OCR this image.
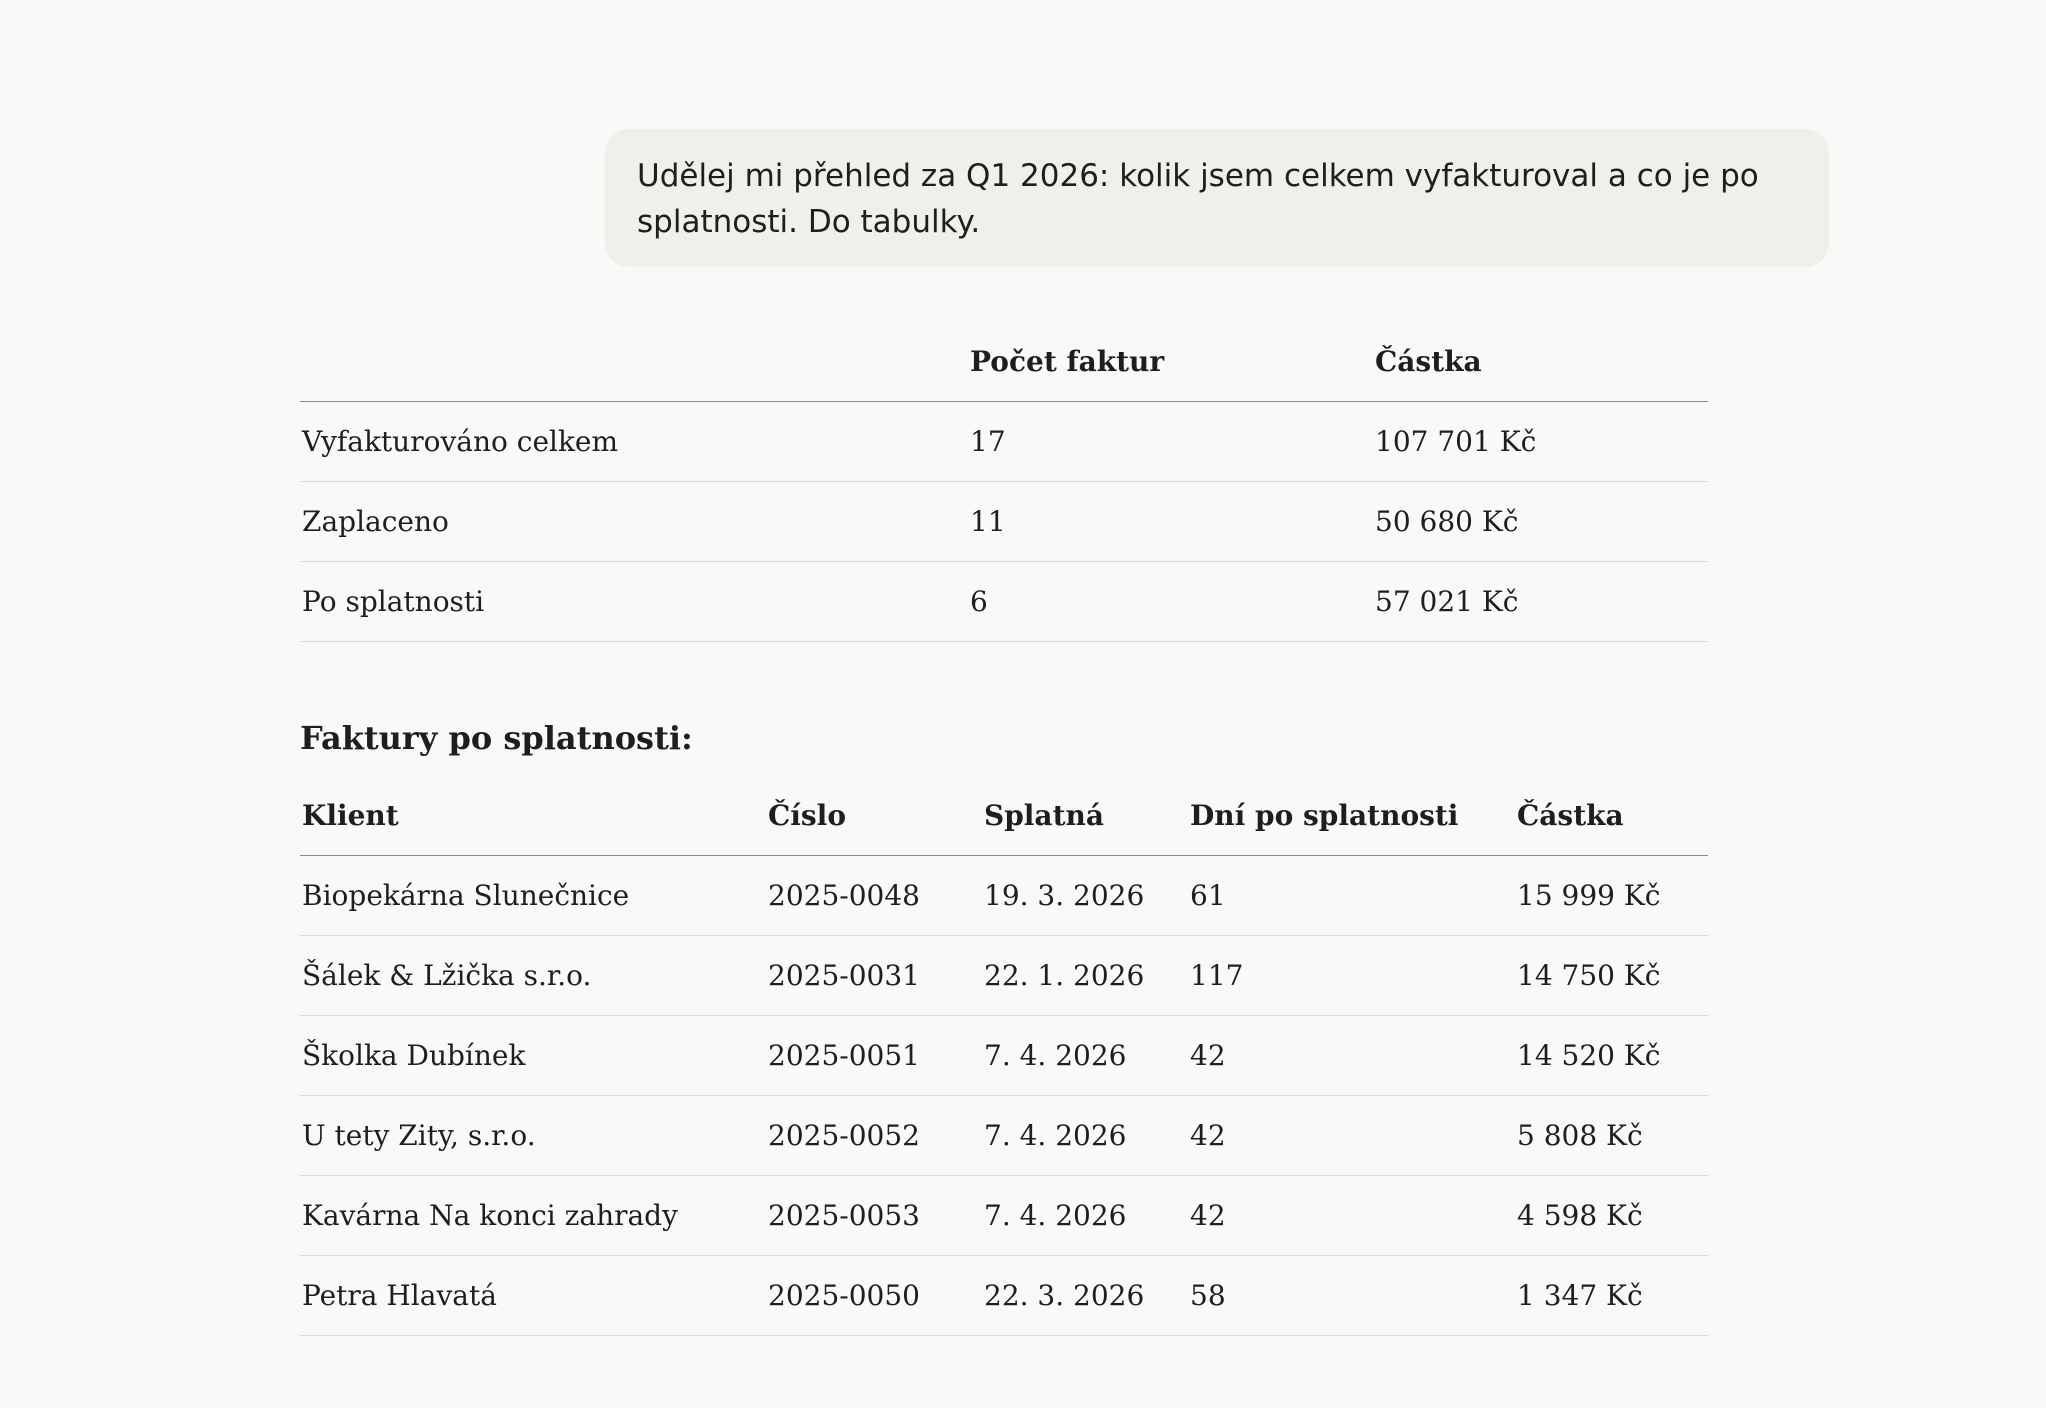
Udělej mi přehled za Q1 2026: kolik jsem celkem vyfakturoval a co je po splatnosti. Do tabulky.
	Počet faktur	Částka
Vyfakturováno celkem	17	107 701 Kč
Zaplaceno	11	50 680 Kč
Po splatnosti	6	57 021 Kč
Faktury po splatnosti:
Klient	Číslo	Splatná	Dní po splatnosti	Částka
Biopekárna Slunečnice	2025-0048	19. 3. 2026	61	15 999 Kč
Šálek & Lžička s.r.o.	2025-0031	22. 1. 2026	117	14 750 Kč
Školka Dubínek	2025-0051	7. 4. 2026	42	14 520 Kč
U tety Zity, s.r.o.	2025-0052	7. 4. 2026	42	5 808 Kč
Kavárna Na konci zahrady	2025-0053	7. 4. 2026	42	4 598 Kč
Petra Hlavatá	2025-0050	22. 3. 2026	58	1 347 Kč
